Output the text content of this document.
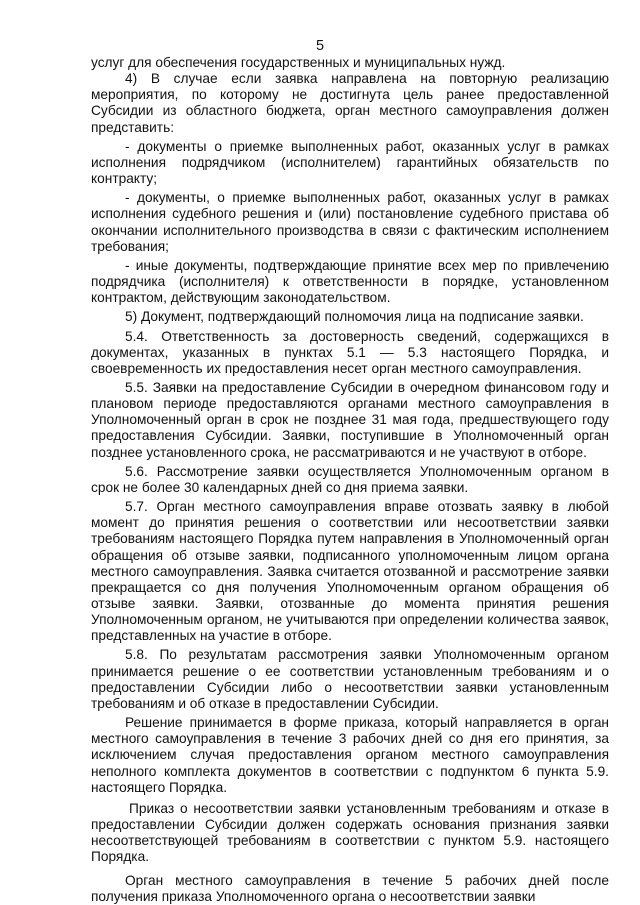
5

услуг для обеспечения государственных и муниципальных нужд.

4) В случае если заявка направлена на повторную реализацию мероприятия, по которому не достигнута цель ранее предоставленной Субсидии из областного бюджета, орган местного самоуправления должен представить:

- документы о приемке выполненных работ, оказанных услуг в рамках исполнения подрядчиком (исполнителем) гарантийных обязательств по контракту;

- документы, о приемке выполненных работ, оказанных услуг в рамках исполнения судебного решения и (или) постановление судебного пристава об окончании исполнительного производства в связи с фактическим исполнением требования;

- иные документы, подтверждающие принятие всех мер по привлечению подрядчика (исполнителя) к ответственности в порядке, установленном контрактом, действующим законодательством.

5) Документ, подтверждающий полномочия лица на подписание заявки.

5.4. Ответственность за достоверность сведений, содержащихся в документах, указанных в пунктах 5.1 — 5.3 настоящего Порядка, и своевременность их предоставления несет орган местного самоуправления.

5.5. Заявки на предоставление Субсидии в очередном финансовом году и плановом периоде предоставляются органами местного самоуправления в Уполномоченный орган в срок не позднее 31 мая года, предшествующего году предоставления Субсидии. Заявки, поступившие в Уполномоченный орган позднее установленного срока, не рассматриваются и не участвуют в отборе.

5.6. Рассмотрение заявки осуществляется Уполномоченным органом в срок не более 30 календарных дней со дня приема заявки.

5.7. Орган местного самоуправления вправе отозвать заявку в любой момент до принятия решения о соответствии или несоответствии заявки требованиям настоящего Порядка путем направления в Уполномоченный орган обращения об отзыве заявки, подписанного уполномоченным лицом органа местного самоуправления. Заявка считается отозванной и рассмотрение заявки прекращается со дня получения Уполномоченным органом обращения об отзыве заявки. Заявки, отозванные до момента принятия решения Уполномоченным органом, не учитываются при определении количества заявок, представленных на участие в отборе.

5.8. По результатам рассмотрения заявки Уполномоченным органом принимается решение о ее соответствии установленным требованиям и о предоставлении Субсидии либо о несоответствии заявки установленным требованиям и об отказе в предоставлении Субсидии.

Решение принимается в форме приказа, который направляется в орган местного самоуправления в течение 3 рабочих дней со дня его принятия, за исключением случая предоставления органом местного самоуправления неполного комплекта документов в соответствии с подпунктом 6 пункта 5.9. настоящего Порядка.

Приказ о несоответствии заявки установленным требованиям и отказе в предоставлении Субсидии должен содержать основания признания заявки несоответствующей требованиям в соответствии с пунктом 5.9. настоящего Порядка.

Орган местного самоуправления в течение 5 рабочих дней после получения приказа Уполномоченного органа о несоответствии заявки
